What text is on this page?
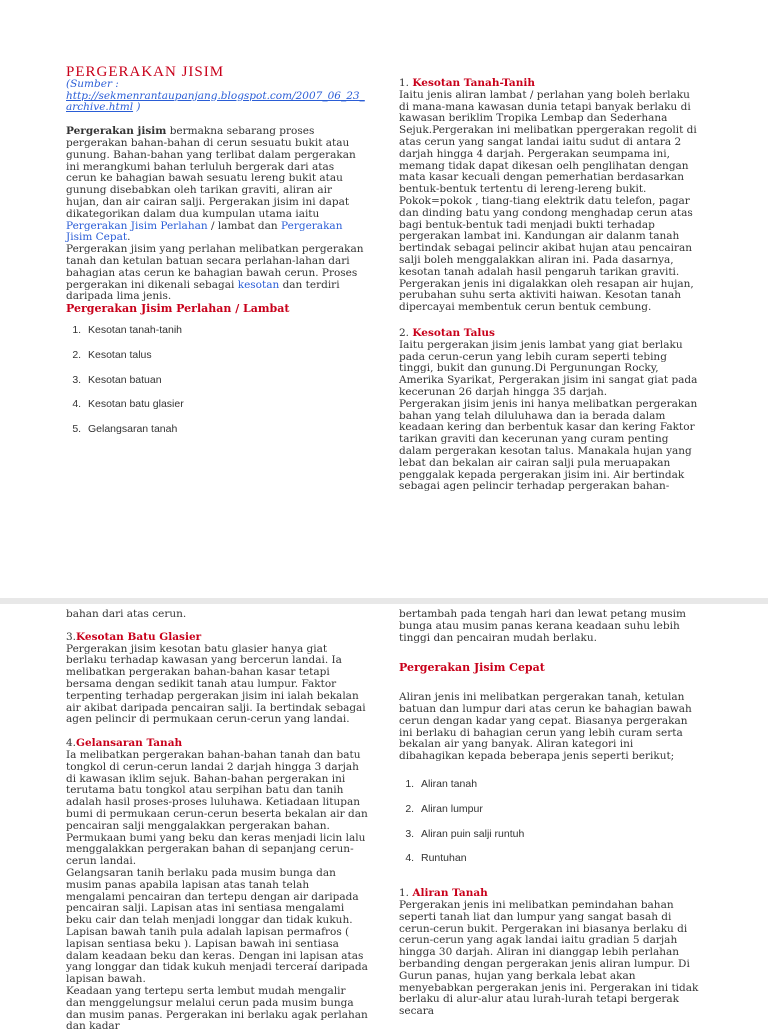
PERGERAKAN JISIM

(Sumber :
http://sekmenrantaupanjang.blogspot.com/2007_06_23_archive.html )

Pergerakan jisim bermakna sebarang proses pergerakan bahan-bahan di cerun sesuatu bukit atau gunung. Bahan-bahan yang terlibat dalam pergerakan ini merangkumi bahan terluluh bergerak dari atas cerun ke bahagian bawah sesuatu lereng bukit atau gunung disebabkan oleh tarikan graviti, aliran air hujan, dan air cairan salji. Pergerakan jisim ini dapat dikategorikan dalam dua kumpulan utama iaitu Pergerakan Jisim Perlahan / lambat dan Pergerakan Jisim Cepat.

Pergerakan jisim yang perlahan melibatkan pergerakan tanah dan ketulan batuan secara perlahan-lahan dari bahagian atas cerun ke bahagian bawah cerun. Proses pergerakan ini dikenali sebagai kesotan dan terdiri daripada lima jenis.

Pergerakan Jisim Perlahan / Lambat

1. Kesotan tanah-tanih
2. Kesotan talus
3. Kesotan batuan
4. Kesotan batu glasier
5. Gelangsaran tanah

1. Kesotan Tanah-Tanih

Iaitu jenis aliran lambat / perlahan yang boleh berlaku di mana-mana kawasan dunia tetapi banyak berlaku di kawasan beriklim Tropika Lembap dan Sederhana Sejuk.Pergerakan ini melibatkan ppergerakan regolit di atas cerun yang sangat landai iaitu sudut di antara 2 darjah hingga 4 darjah. Pergerakan seumpama ini, memang tidak dapat dikesan oelh penglihatan dengan mata kasar kecuali dengan pemerhatian berdasarkan bentuk-bentuk tertentu di lereng-lereng bukit. Pokok=pokok , tiang-tiang elektrik datu telefon, pagar dan dinding batu yang condong menghadap cerun atas bagi bentuk-bentuk tadi menjadi bukti terhadap pergerakan lambat ini. Kandungan air dalanm tanah bertindak sebagai pelincir akibat hujan atau pencairan salji boleh menggalakkan aliran ini. Pada dasarnya, kesotan tanah adalah hasil pengaruh tarikan graviti. Pergerakan jenis ini digalakkan oleh resapan air hujan, perubahan suhu serta aktiviti haiwan. Kesotan tanah dipercayai membentuk cerun bentuk cembung.

2. Kesotan Talus

Iaitu pergerakan jisim jenis lambat yang giat berlaku pada cerun-cerun yang lebih curam seperti tebing tinggi, bukit dan gunung.Di Pergunungan Rocky, Amerika Syarikat, Pergerakan jisim ini sangat giat pada kecerunan 26 darjah hingga 35 darjah.

Pergerakan jisim jenis ini hanya melibatkan pergerakan bahan yang telah diluluhawa dan ia berada dalam keadaan kering dan berbentuk kasar dan kering Faktor tarikan graviti dan kecerunan yang curam penting dalam pergerakan kesotan talus. Manakala hujan yang lebat dan bekalan air cairan salji pula meruapakan penggalak kepada pergerakan jisim ini. Air bertindak sebagai agen pelincir terhadap pergerakan bahan-

bahan dari atas cerun.

3.Kesotan Batu Glasier

Pergerakan jisim kesotan batu glasier hanya giat berlaku terhadap kawasan yang bercerun landai. Ia melibatkan pergerakan bahan-bahan kasar tetapi bersama dengan sedikit tanah atau lumpur. Faktor terpenting terhadap pergerakan jisim ini ialah bekalan air akibat daripada pencairan salji. Ia bertindak sebagai agen pelincir di permukaan cerun-cerun yang landai.

4.Gelansaran Tanah

Ia melibatkan pergerakan bahan-bahan tanah dan batu tongkol di cerun-cerun landai 2 darjah hingga 3 darjah di kawasan iklim sejuk. Bahan-bahan pergerakan ini terutama batu tongkol atau serpihan batu dan tanih adalah hasil proses-proses luluhawa. Ketiadaan litupan bumi di permukaan cerun-cerun beserta bekalan air dan pencairan salji menggalakkan pergerakan bahan. Permukaan bumi yang beku dan keras menjadi licin lalu menggalakkan pergerakan bahan di sepanjang cerun-cerun landai.

Gelangsaran tanih berlaku pada musim bunga dan musim panas apabila lapisan atas tanah telah mengalami pencairan dan tertepu dengan air daripada pencairan salji. Lapisan atas ini sentiasa mengalami beku cair dan telah menjadi longgar dan tidak kukuh. Lapisan bawah tanih pula adalah lapisan permafros ( lapisan sentiasa beku ). Lapisan bawah ini sentiasa dalam keadaan beku dan keras. Dengan ini lapisan atas yang longgar dan tidak kukuh menjadi terceraí daripada lapisan bawah.

Keadaan yang tertepu serta lembut mudah mengalir dan menggelungsur melalui cerun pada musim bunga dan musim panas. Pergerakan ini berlaku agak perlahan dan kadar

bertambah pada tengah hari dan lewat petang musim bunga atau musim panas kerana keadaan suhu lebih tinggi dan pencairan mudah berlaku.

Pergerakan Jisim Cepat

Aliran jenis ini melibatkan pergerakan tanah, ketulan batuan dan lumpur dari atas cerun ke bahagian bawah cerun dengan kadar yang cepat. Biasanya pergerakan ini berlaku di bahagian cerun yang lebih curam serta bekalan air yang banyak. Aliran kategori ini dibahagikan kepada beberapa jenis seperti berikut;

1. Aliran tanah
2. Aliran lumpur
3. Aliran puin salji runtuh
4. Runtuhan

1. Aliran Tanah

Pergerakan jenis ini melibatkan pemindahan bahan seperti tanah liat dan lumpur yang sangat basah di cerun-cerun bukit. Pergerakan ini biasanya berlaku di cerun-cerun yang agak landai iaitu gradian 5 darjah hingga 30 darjah. Aliran ini dianggap lebih perlahan berbanding dengan pergerakan jenis aliran lumpur. Di Gurun panas, hujan yang berkala lebat akan menyebabkan pergerakan jenis ini. Pergerakan ini tidak berlaku di alur-alur atau lurah-lurah tetapi bergerak secara
